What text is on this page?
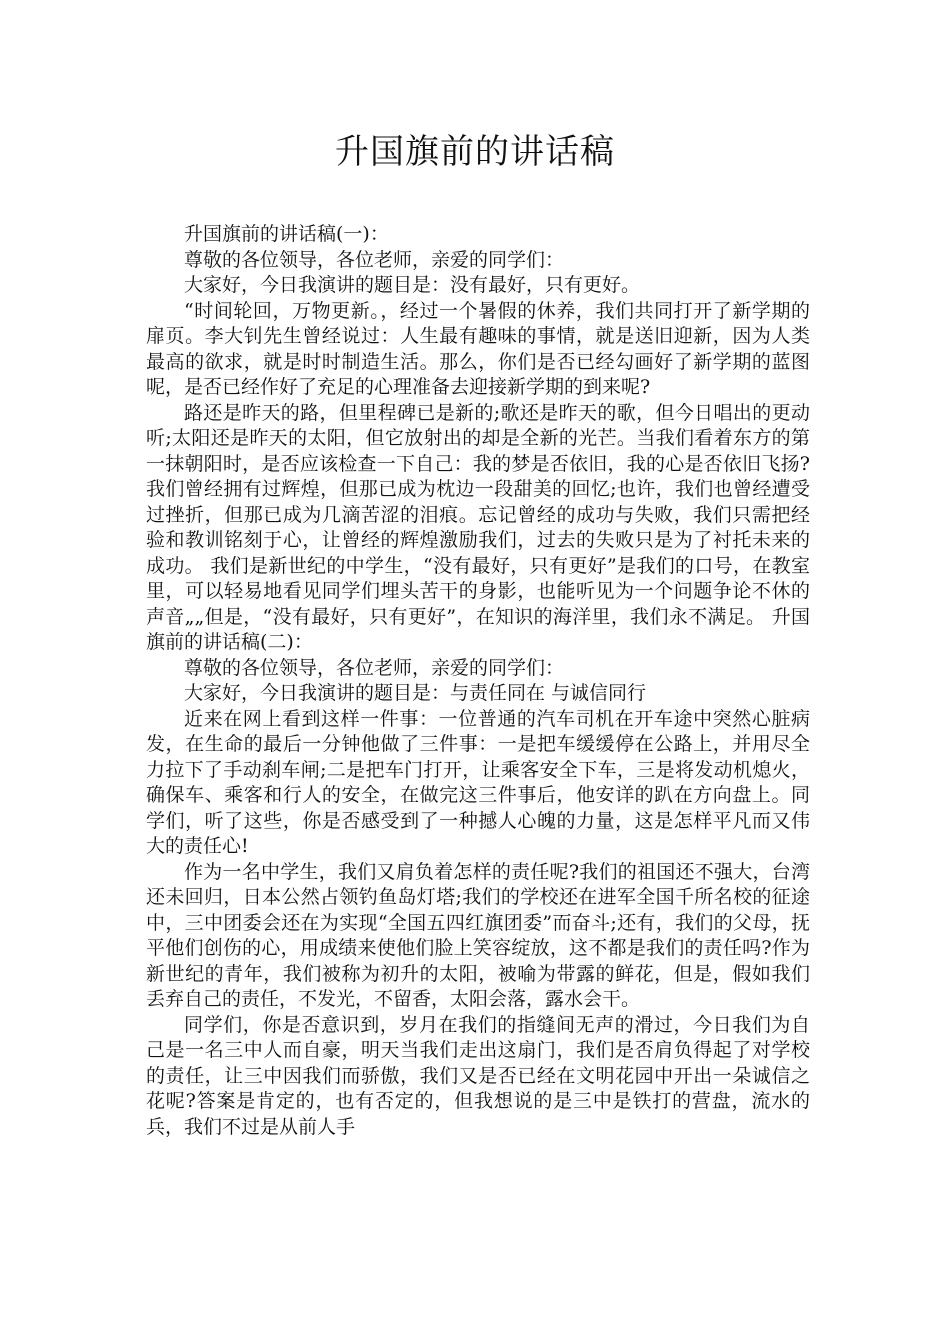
升国旗前的讲话稿

升国旗前的讲话稿(一)：

尊敬的各位领导，各位老师，亲爱的同学们：

大家好，今日我演讲的题目是：没有最好，只有更好。

“时间轮回，万物更新。，经过一个暑假的休养，我们共同打开了新学期的扉页。李大钊先生曾经说过：人生最有趣味的事情，就是送旧迎新，因为人类最高的欲求，就是时时制造生活。那么，你们是否已经勾画好了新学期的蓝图呢，是否已经作好了充足的心理准备去迎接新学期的到来呢?

路还是昨天的路，但里程碑已是新的;歌还是昨天的歌，但今日唱出的更动听;太阳还是昨天的太阳，但它放射出的却是全新的光芒。当我们看着东方的第一抹朝阳时，是否应该检查一下自己：我的梦是否依旧，我的心是否依旧飞扬?我们曾经拥有过辉煌，但那已成为枕边一段甜美的回忆;也许，我们也曾经遭受过挫折，但那已成为几滴苦涩的泪痕。忘记曾经的成功与失败，我们只需把经验和教训铭刻于心，让曾经的辉煌激励我们，过去的失败只是为了衬托未来的成功。 我们是新世纪的中学生，“没有最好，只有更好”是我们的口号，在教室里，可以轻易地看见同学们埋头苦干的身影，也能听见为一个问题争论不休的声音„„但是，“没有最好，只有更好”，在知识的海洋里，我们永不满足。 升国旗前的讲话稿(二)：

尊敬的各位领导，各位老师，亲爱的同学们：

大家好，今日我演讲的题目是：与责任同在 与诚信同行

近来在网上看到这样一件事：一位普通的汽车司机在开车途中突然心脏病发，在生命的最后一分钟他做了三件事：一是把车缓缓停在公路上，并用尽全力拉下了手动刹车闸;二是把车门打开，让乘客安全下车，三是将发动机熄火，确保车、乘客和行人的安全，在做完这三件事后，他安详的趴在方向盘上。同学们，听了这些，你是否感受到了一种撼人心魄的力量，这是怎样平凡而又伟大的责任心!

作为一名中学生，我们又肩负着怎样的责任呢?我们的祖国还不强大，台湾还未回归，日本公然占领钓鱼岛灯塔;我们的学校还在进军全国千所名校的征途中，三中团委会还在为实现“全国五四红旗团委”而奋斗;还有，我们的父母，抚平他们创伤的心，用成绩来使他们脸上笑容绽放，这不都是我们的责任吗?作为新世纪的青年，我们被称为初升的太阳，被喻为带露的鲜花，但是，假如我们丢弃自己的责任，不发光，不留香，太阳会落，露水会干。

同学们，你是否意识到，岁月在我们的指缝间无声的滑过，今日我们为自己是一名三中人而自豪，明天当我们走出这扇门，我们是否肩负得起了对学校的责任，让三中因我们而骄傲，我们又是否已经在文明花园中开出一朵诚信之花呢?答案是肯定的，也有否定的，但我想说的是三中是铁打的营盘，流水的兵，我们不过是从前人手
